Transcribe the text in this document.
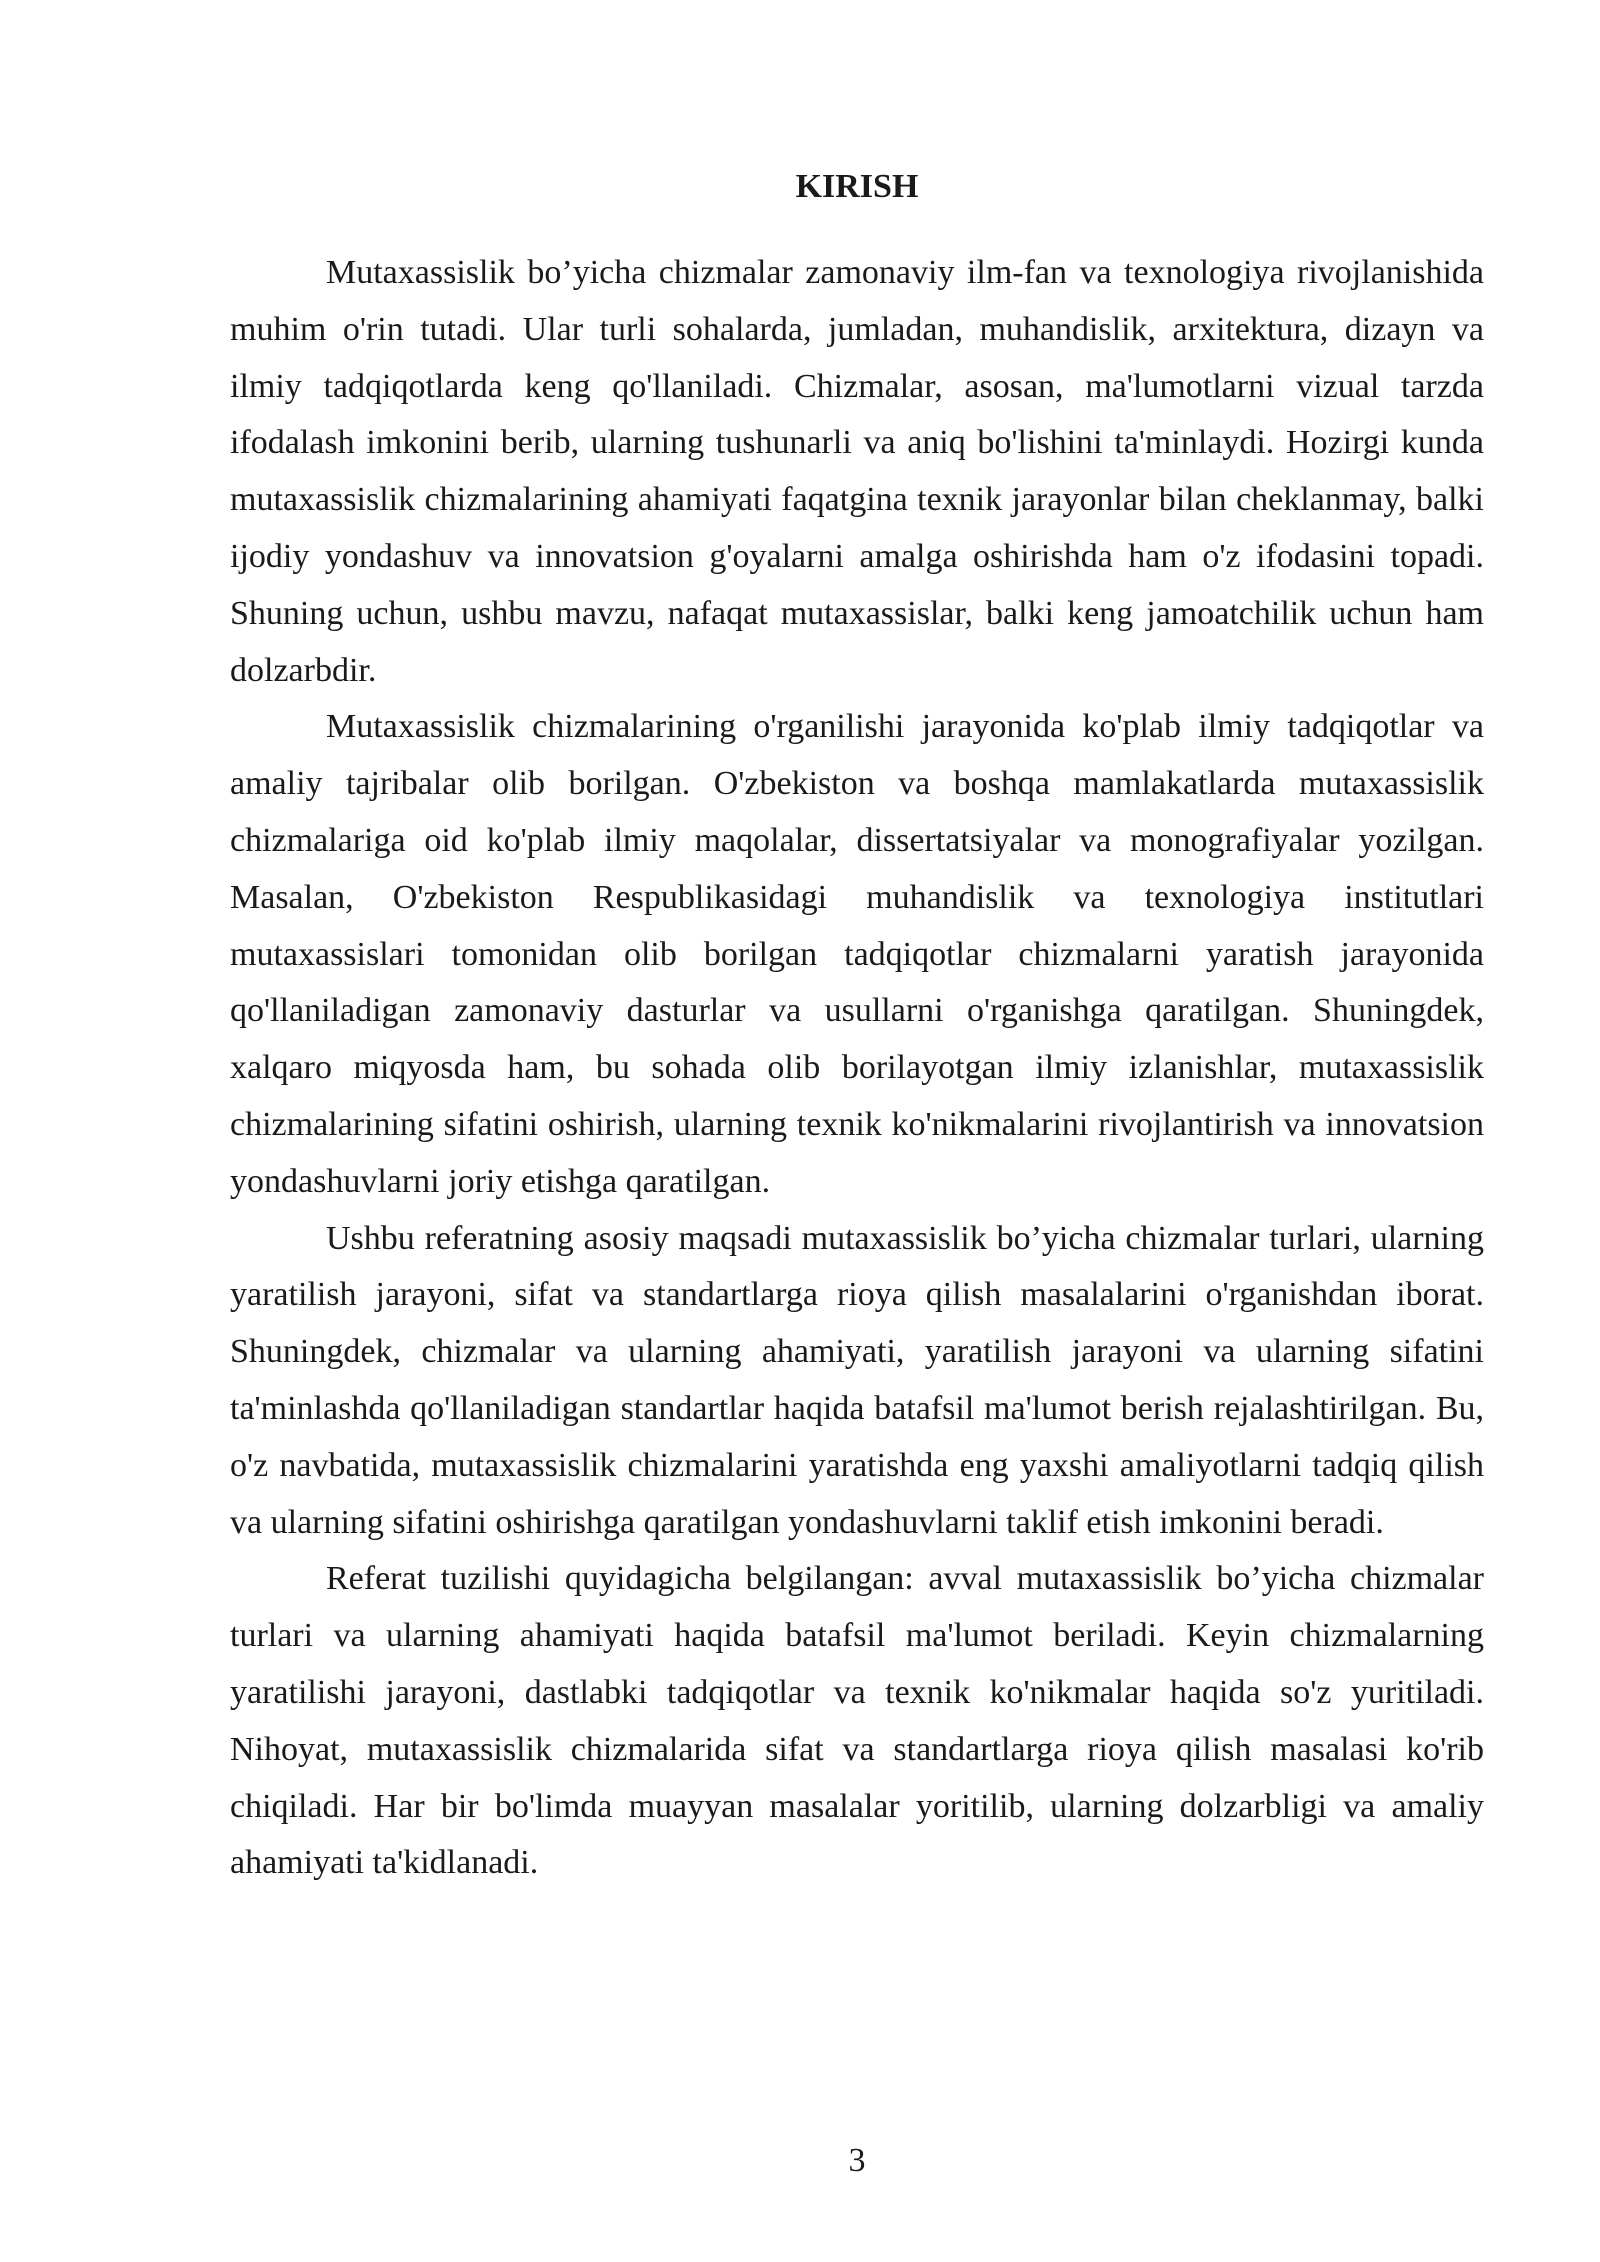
KIRISH

Mutaxassislik bo’yicha chizmalar zamonaviy ilm-fan va texnologiya rivojlanishida muhim o'rin tutadi. Ular turli sohalarda, jumladan, muhandislik, arxitektura, dizayn va ilmiy tadqiqotlarda keng qo'llaniladi. Chizmalar, asosan, ma'lumotlarni vizual tarzda ifodalash imkonini berib, ularning tushunarli va aniq bo'lishini ta'minlaydi. Hozirgi kunda mutaxassislik chizmalarining ahamiyati faqatgina texnik jarayonlar bilan cheklanmay, balki ijodiy yondashuv va innovatsion g'oyalarni amalga oshirishda ham o'z ifodasini topadi. Shuning uchun, ushbu mavzu, nafaqat mutaxassislar, balki keng jamoatchilik uchun ham dolzarbdir.

Mutaxassislik chizmalarining o'rganilishi jarayonida ko'plab ilmiy tadqiqotlar va amaliy tajribalar olib borilgan. O'zbekiston va boshqa mamlakatlarda mutaxassislik chizmalariga oid ko'plab ilmiy maqolalar, dissertatsiyalar va monografiyalar yozilgan. Masalan, O'zbekiston Respublikasidagi muhandislik va texnologiya institutlari mutaxassislari tomonidan olib borilgan tadqiqotlar chizmalarni yaratish jarayonida qo'llaniladigan zamonaviy dasturlar va usullarni o'rganishga qaratilgan. Shuningdek, xalqaro miqyosda ham, bu sohada olib borilayotgan ilmiy izlanishlar, mutaxassislik chizmalarining sifatini oshirish, ularning texnik ko'nikmalarini rivojlantirish va innovatsion yondashuvlarni joriy etishga qaratilgan.

Ushbu referatning asosiy maqsadi mutaxassislik bo’yicha chizmalar turlari, ularning yaratilish jarayoni, sifat va standartlarga rioya qilish masalalarini o'rganishdan iborat. Shuningdek, chizmalar va ularning ahamiyati, yaratilish jarayoni va ularning sifatini ta'minlashda qo'llaniladigan standartlar haqida batafsil ma'lumot berish rejalashtirilgan. Bu, o'z navbatida, mutaxassislik chizmalarini yaratishda eng yaxshi amaliyotlarni tadqiq qilish va ularning sifatini oshirishga qaratilgan yondashuvlarni taklif etish imkonini beradi.

Referat tuzilishi quyidagicha belgilangan: avval mutaxassislik bo’yicha chizmalar turlari va ularning ahamiyati haqida batafsil ma'lumot beriladi. Keyin chizmalarning yaratilishi jarayoni, dastlabki tadqiqotlar va texnik ko'nikmalar haqida so'z yuritiladi. Nihoyat, mutaxassislik chizmalarida sifat va standartlarga rioya qilish masalasi ko'rib chiqiladi. Har bir bo'limda muayyan masalalar yoritilib, ularning dolzarbligi va amaliy ahamiyati ta'kidlanadi.

3
